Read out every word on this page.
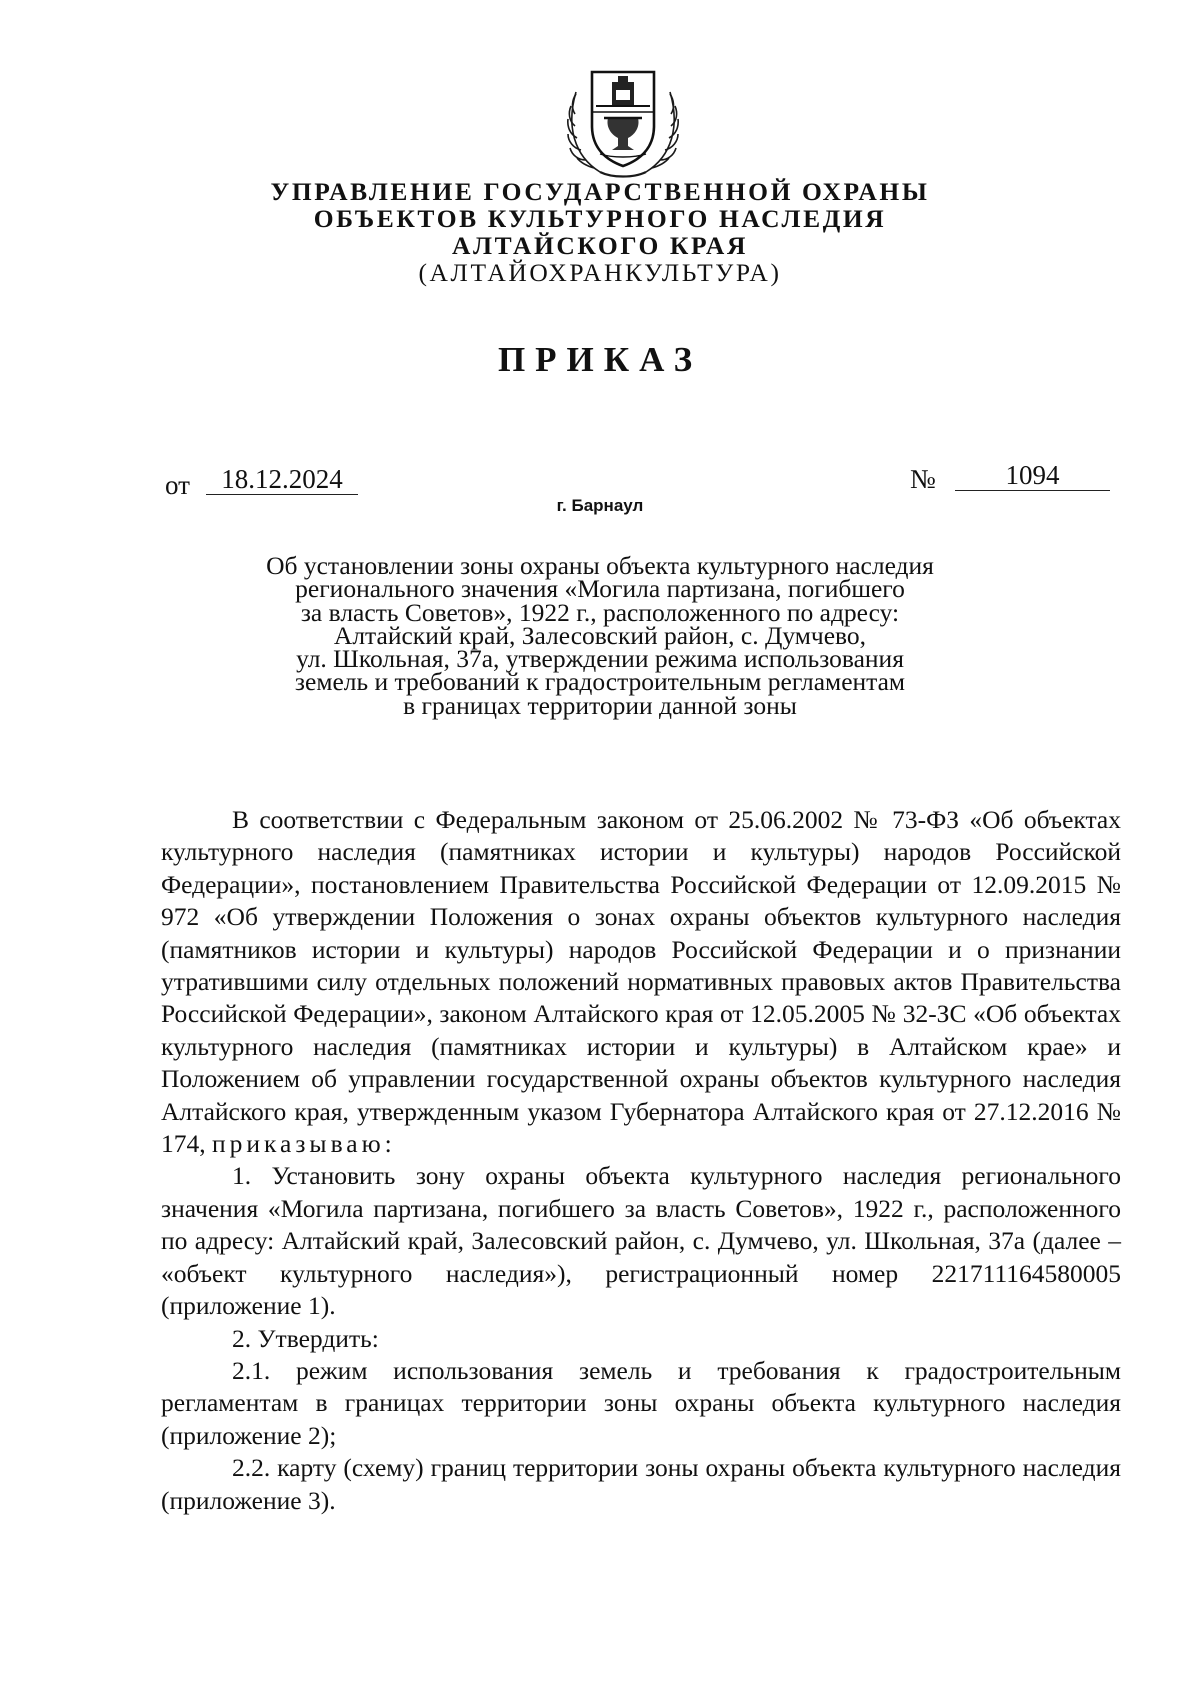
УПРАВЛЕНИЕ ГОСУДАРСТВЕННОЙ ОХРАНЫ
ОБЪЕКТОВ КУЛЬТУРНОГО НАСЛЕДИЯ
АЛТАЙСКОГО КРАЯ
(АЛТАЙОХРАНКУЛЬТУРА)
ПРИКАЗ
от	18.12.2024	№	1094
г. Барнаул
Об установлении зоны охраны объекта культурного наследия
регионального значения «Могила партизана, погибшего
за власть Советов», 1922 г., расположенного по адресу:
Алтайский край, Залесовский район, с. Думчево,
ул. Школьная, 37а, утверждении режима использования
земель и требований к градостроительным регламентам
в границах территории данной зоны

В соответствии с Федеральным законом от 25.06.2002 № 73-ФЗ «Об объектах культурного наследия (памятниках истории и культуры) народов Российской Федерации», постановлением Правительства Российской Федерации от 12.09.2015 № 972 «Об утверждении Положения о зонах охраны объектов культурного наследия (памятников истории и культуры) народов Российской Федерации и о признании утратившими силу отдельных положений нормативных правовых актов Правительства Российской Федерации», законом Алтайского края от 12.05.2005 № 32-ЗС «Об объектах культурного наследия (памятниках истории и культуры) в Алтайском крае» и Положением об управлении государственной охраны объектов культурного наследия Алтайского края, утвержденным указом Губернатора Алтайского края от 27.12.2016 № 174, приказываю:

1. Установить зону охраны объекта культурного наследия регионального значения «Могила партизана, погибшего за власть Советов», 1922 г., расположенного по адресу: Алтайский край, Залесовский район, с. Думчево, ул. Школьная, 37а (далее – «объект культурного наследия»), регистрационный номер 221711164580005 (приложение 1).

2. Утвердить:

2.1. режим использования земель и требования к градостроительным регламентам в границах территории зоны охраны объекта культурного наследия (приложение 2);

2.2. карту (схему) границ территории зоны охраны объекта культурного наследия (приложение 3).
